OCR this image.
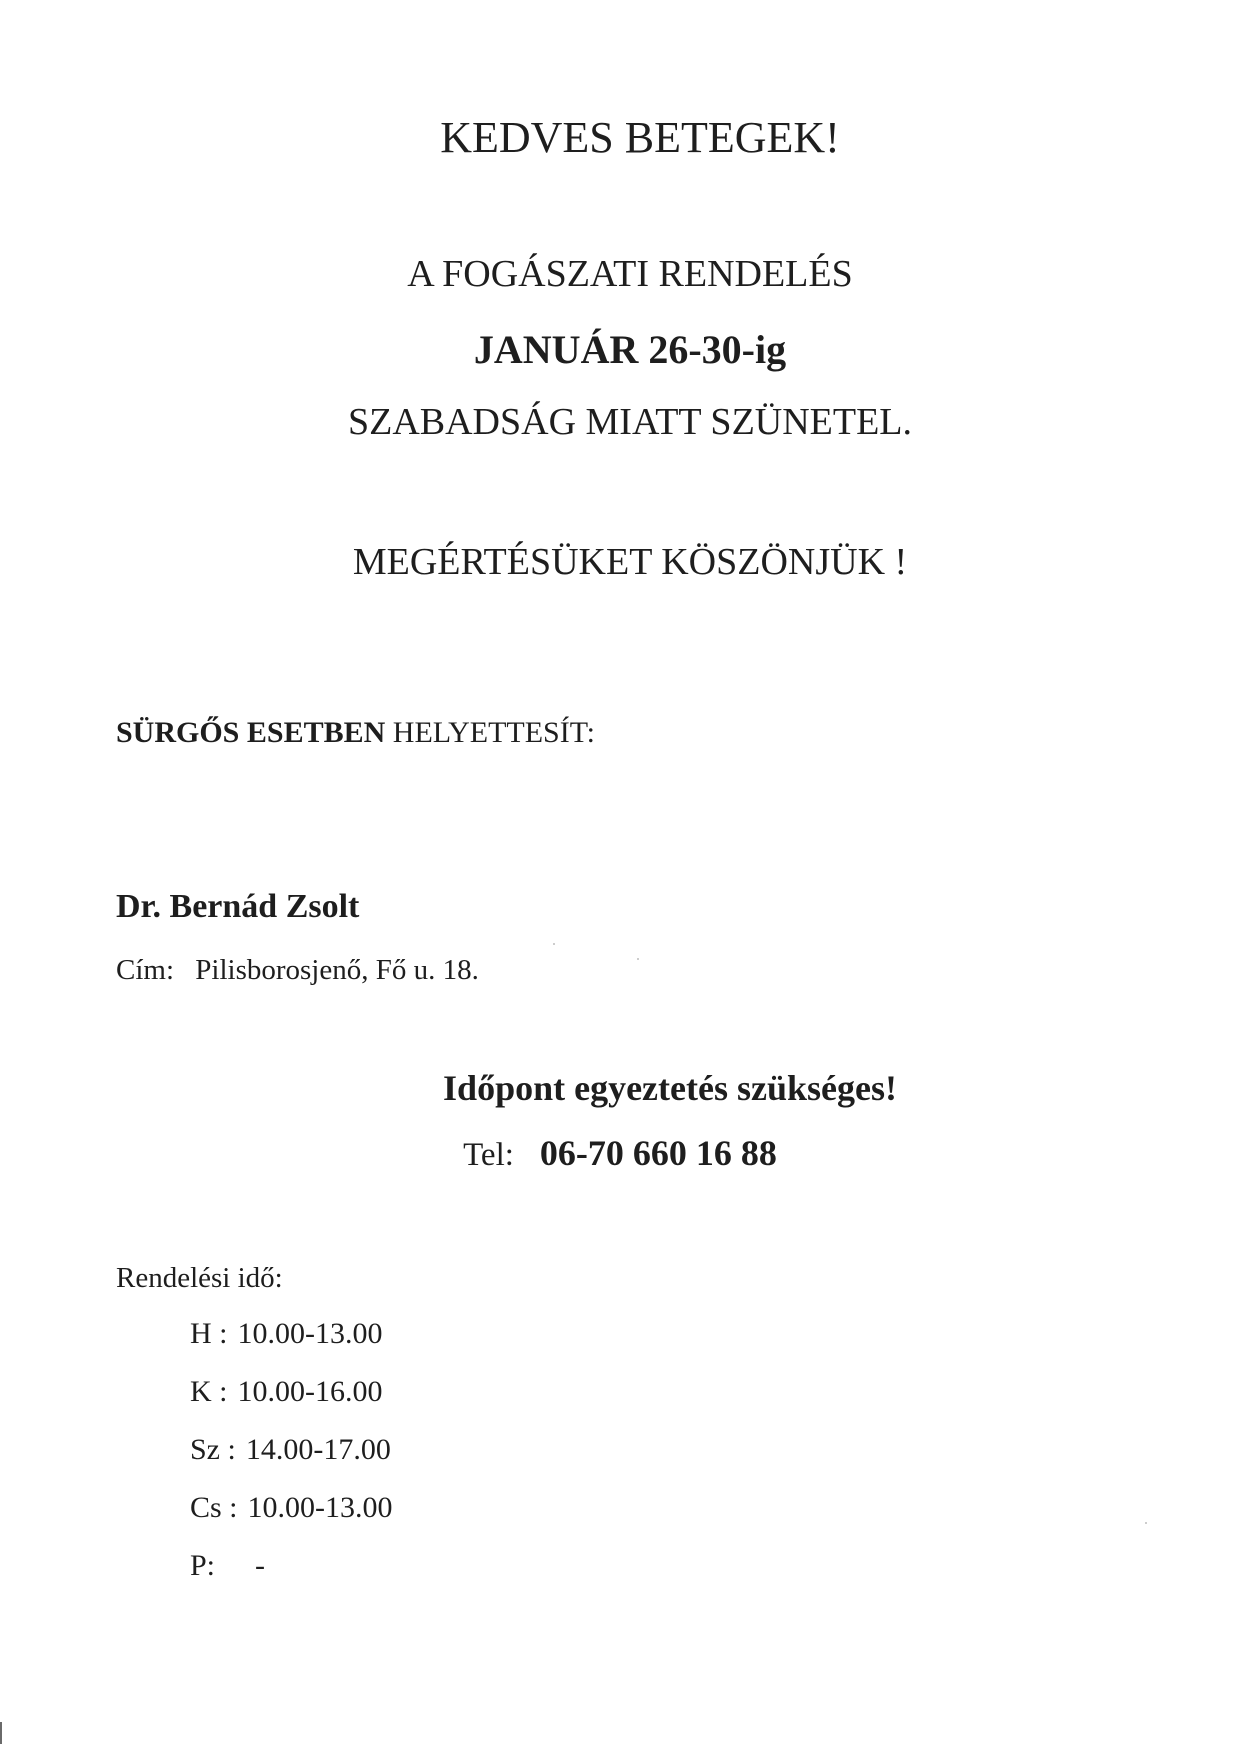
KEDVES BETEGEK!
A FOGÁSZATI RENDELÉS
JANUÁR 26-30-ig
SZABADSÁG MIATT SZÜNETEL.
MEGÉRTÉSÜKET KÖSZÖNJÜK !
SÜRGŐS ESETBEN HELYETTESÍT:
Dr. Bernád Zsolt
Cím: Pilisborosjenő, Fő u. 18.
Időpont egyeztetés szükséges!
Tel: 06-70 660 16 88
Rendelési idő:
H : 10.00-13.00
K : 10.00-16.00
Sz : 14.00-17.00
Cs : 10.00-13.00
P: -
